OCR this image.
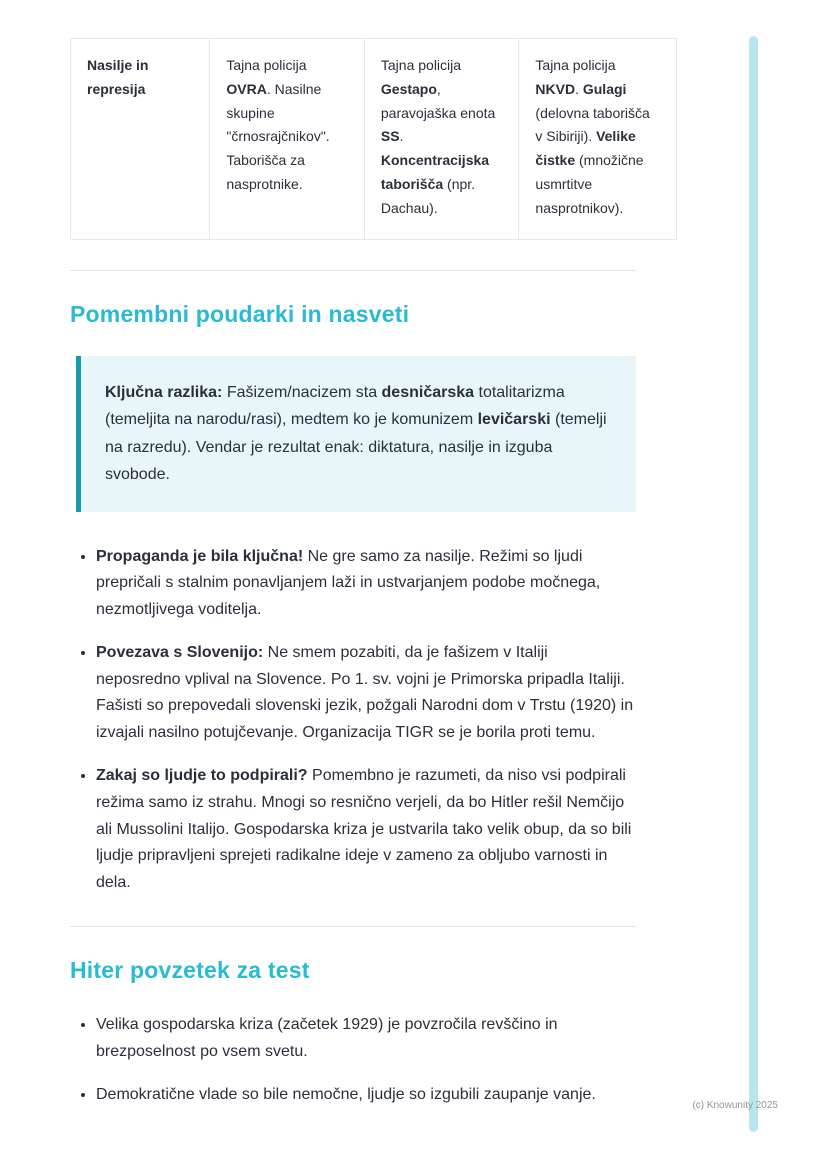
Nasilje in represija	Tajna policija OVRA. Nasilne skupine "črnosrajčnikov". Taborišča za nasprotnike.	Tajna policija Gestapo, paravojaška enota SS. Koncentracijska taborišča (npr. Dachau).	Tajna policija NKVD. Gulagi (delovna taborišča v Sibiriji). Velike čistke (množične usmrtitve nasprotnikov).
Pomembni poudarki in nasveti

Ključna razlika: Fašizem/nacizem sta desničarska totalitarizma (temeljita na narodu/rasi), medtem ko je komunizem levičarski (temelji na razredu). Vendar je rezultat enak: diktatura, nasilje in izguba svobode.

• Propaganda je bila ključna! Ne gre samo za nasilje. Režimi so ljudi prepričali s stalnim ponavljanjem laži in ustvarjanjem podobe močnega, nezmotljivega voditelja.
• Povezava s Slovenijo: Ne smem pozabiti, da je fašizem v Italiji neposredno vplival na Slovence. Po 1. sv. vojni je Primorska pripadla Italiji. Fašisti so prepovedali slovenski jezik, požgali Narodni dom v Trstu (1920) in izvajali nasilno potujčevanje. Organizacija TIGR se je borila proti temu.
• Zakaj so ljudje to podpirali? Pomembno je razumeti, da niso vsi podpirali režima samo iz strahu. Mnogi so resnično verjeli, da bo Hitler rešil Nemčijo ali Mussolini Italijo. Gospodarska kriza je ustvarila tako velik obup, da so bili ljudje pripravljeni sprejeti radikalne ideje v zameno za obljubo varnosti in dela.
Hiter povzetek za test
• Velika gospodarska kriza (začetek 1929) je povzročila revščino in brezposelnost po vsem svetu.
• Demokratične vlade so bile nemočne, ljudje so izgubili zaupanje vanje.
(c) Knowunity 2025
